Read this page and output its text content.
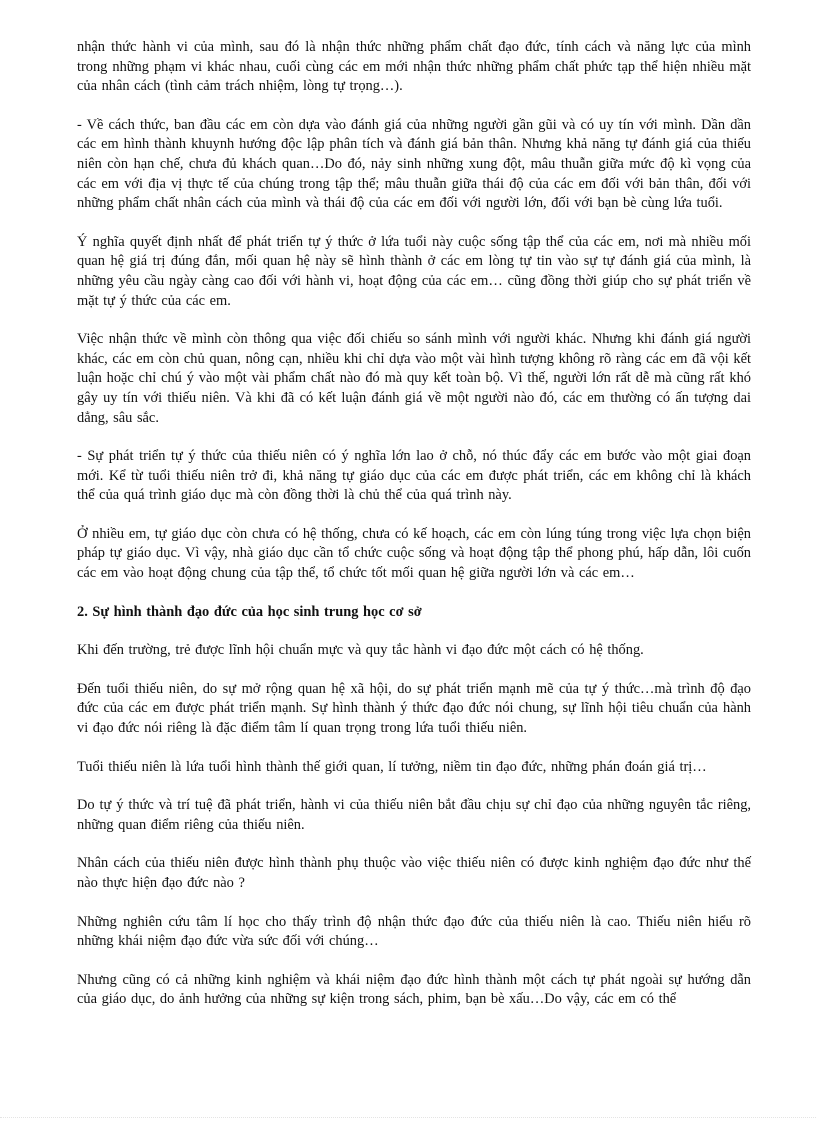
nhận thức hành vi của mình, sau đó là nhận thức những phẩm chất đạo đức, tính cách và năng lực của mình trong những phạm vi khác nhau, cuối cùng các em mới nhận thức những phẩm chất phức tạp thể hiện nhiều mặt của nhân cách (tình cảm trách nhiệm, lòng tự trọng…).

- Về cách thức, ban đầu các em còn dựa vào đánh giá của những người gần gũi và có uy tín với mình. Dần dần các em hình thành khuynh hướng độc lập phân tích và đánh giá bản thân. Nhưng khả năng tự đánh giá của thiếu niên còn hạn chế, chưa đủ khách quan…Do đó, nảy sinh những xung đột, mâu thuẫn giữa mức độ kì vọng của các em với địa vị thực tế của chúng trong tập thể; mâu thuẫn giữa thái độ của các em đối với bản thân, đối với những phẩm chất nhân cách của mình và thái độ của các em đối với người lớn, đối với bạn bè cùng lứa tuổi.

Ý nghĩa quyết định nhất để phát triển tự ý thức ở lứa tuổi này cuộc sống tập thể của các em, nơi mà nhiều mối quan hệ giá trị đúng đắn, mối quan hệ này sẽ hình thành ở các em lòng tự tin vào sự tự đánh giá của mình, là những yêu cầu ngày càng cao đối với hành vi, hoạt động của các em… cũng đồng thời giúp cho sự phát triển về mặt tự ý thức của các em.

Việc nhận thức về mình còn thông qua việc đối chiếu so sánh mình với người khác. Nhưng khi đánh giá người khác, các em còn chủ quan, nông cạn, nhiều khi chỉ dựa vào một vài hình tượng không rõ ràng các em đã vội kết luận hoặc chỉ chú ý vào một vài phẩm chất nào đó mà quy kết toàn bộ. Vì thế, người lớn rất dễ mà cũng rất khó gây uy tín với thiếu niên. Và khi đã có kết luận đánh giá về một người nào đó, các em thường có ấn tượng dai dẳng, sâu sắc.

- Sự phát triển tự ý thức của thiếu niên có ý nghĩa lớn lao ở chỗ, nó thúc đẩy các em bước vào một giai đoạn mới. Kể từ tuổi thiếu niên trở đi, khả năng tự giáo dục của các em được phát triển, các em không chỉ là khách thể của quá trình giáo dục mà còn đồng thời là chủ thể của quá trình này.

Ở nhiều em, tự giáo dục còn chưa có hệ thống, chưa có kế hoạch, các em còn lúng túng trong việc lựa chọn biện pháp tự giáo dục. Vì vậy, nhà giáo dục cần tổ chức cuộc sống và hoạt động tập thể phong phú, hấp dẫn, lôi cuốn các em vào hoạt động chung của tập thể, tổ chức tốt mối quan hệ giữa người lớn và các em…

2. Sự hình thành đạo đức của học sinh trung học cơ sở

Khi đến trường, trẻ được lĩnh hội chuẩn mực và quy tắc hành vi đạo đức một cách có hệ thống.

Đến tuổi thiếu niên, do sự mở rộng quan hệ xã hội, do sự phát triển mạnh mẽ của tự ý thức…mà trình độ đạo đức của các em được phát triển mạnh. Sự hình thành ý thức đạo đức nói chung, sự lĩnh hội tiêu chuẩn của hành vi đạo đức nói riêng là đặc điểm tâm lí quan trọng trong lứa tuổi thiếu niên.

Tuổi thiếu niên là lứa tuổi hình thành thế giới quan, lí tưởng, niềm tin đạo đức, những phán đoán giá trị…

Do tự ý thức và trí tuệ đã phát triển, hành vi của thiếu niên bắt đầu chịu sự chỉ đạo của những nguyên tắc riêng, những quan điểm riêng của thiếu niên.

Nhân cách của thiếu niên được hình thành phụ thuộc vào việc thiếu niên có được kinh nghiệm đạo đức như thế nào thực hiện đạo đức nào ?

Những nghiên cứu tâm lí học cho thấy trình độ nhận thức đạo đức của thiếu niên là cao. Thiếu niên hiểu rõ những khái niệm đạo đức vừa sức đối với chúng…

Nhưng cũng có cả những kinh nghiệm và khái niệm đạo đức hình thành một cách tự phát ngoài sự hướng dẫn của giáo dục, do ảnh hưởng của những sự kiện trong sách, phim, bạn bè xấu…Do vậy, các em có thể
